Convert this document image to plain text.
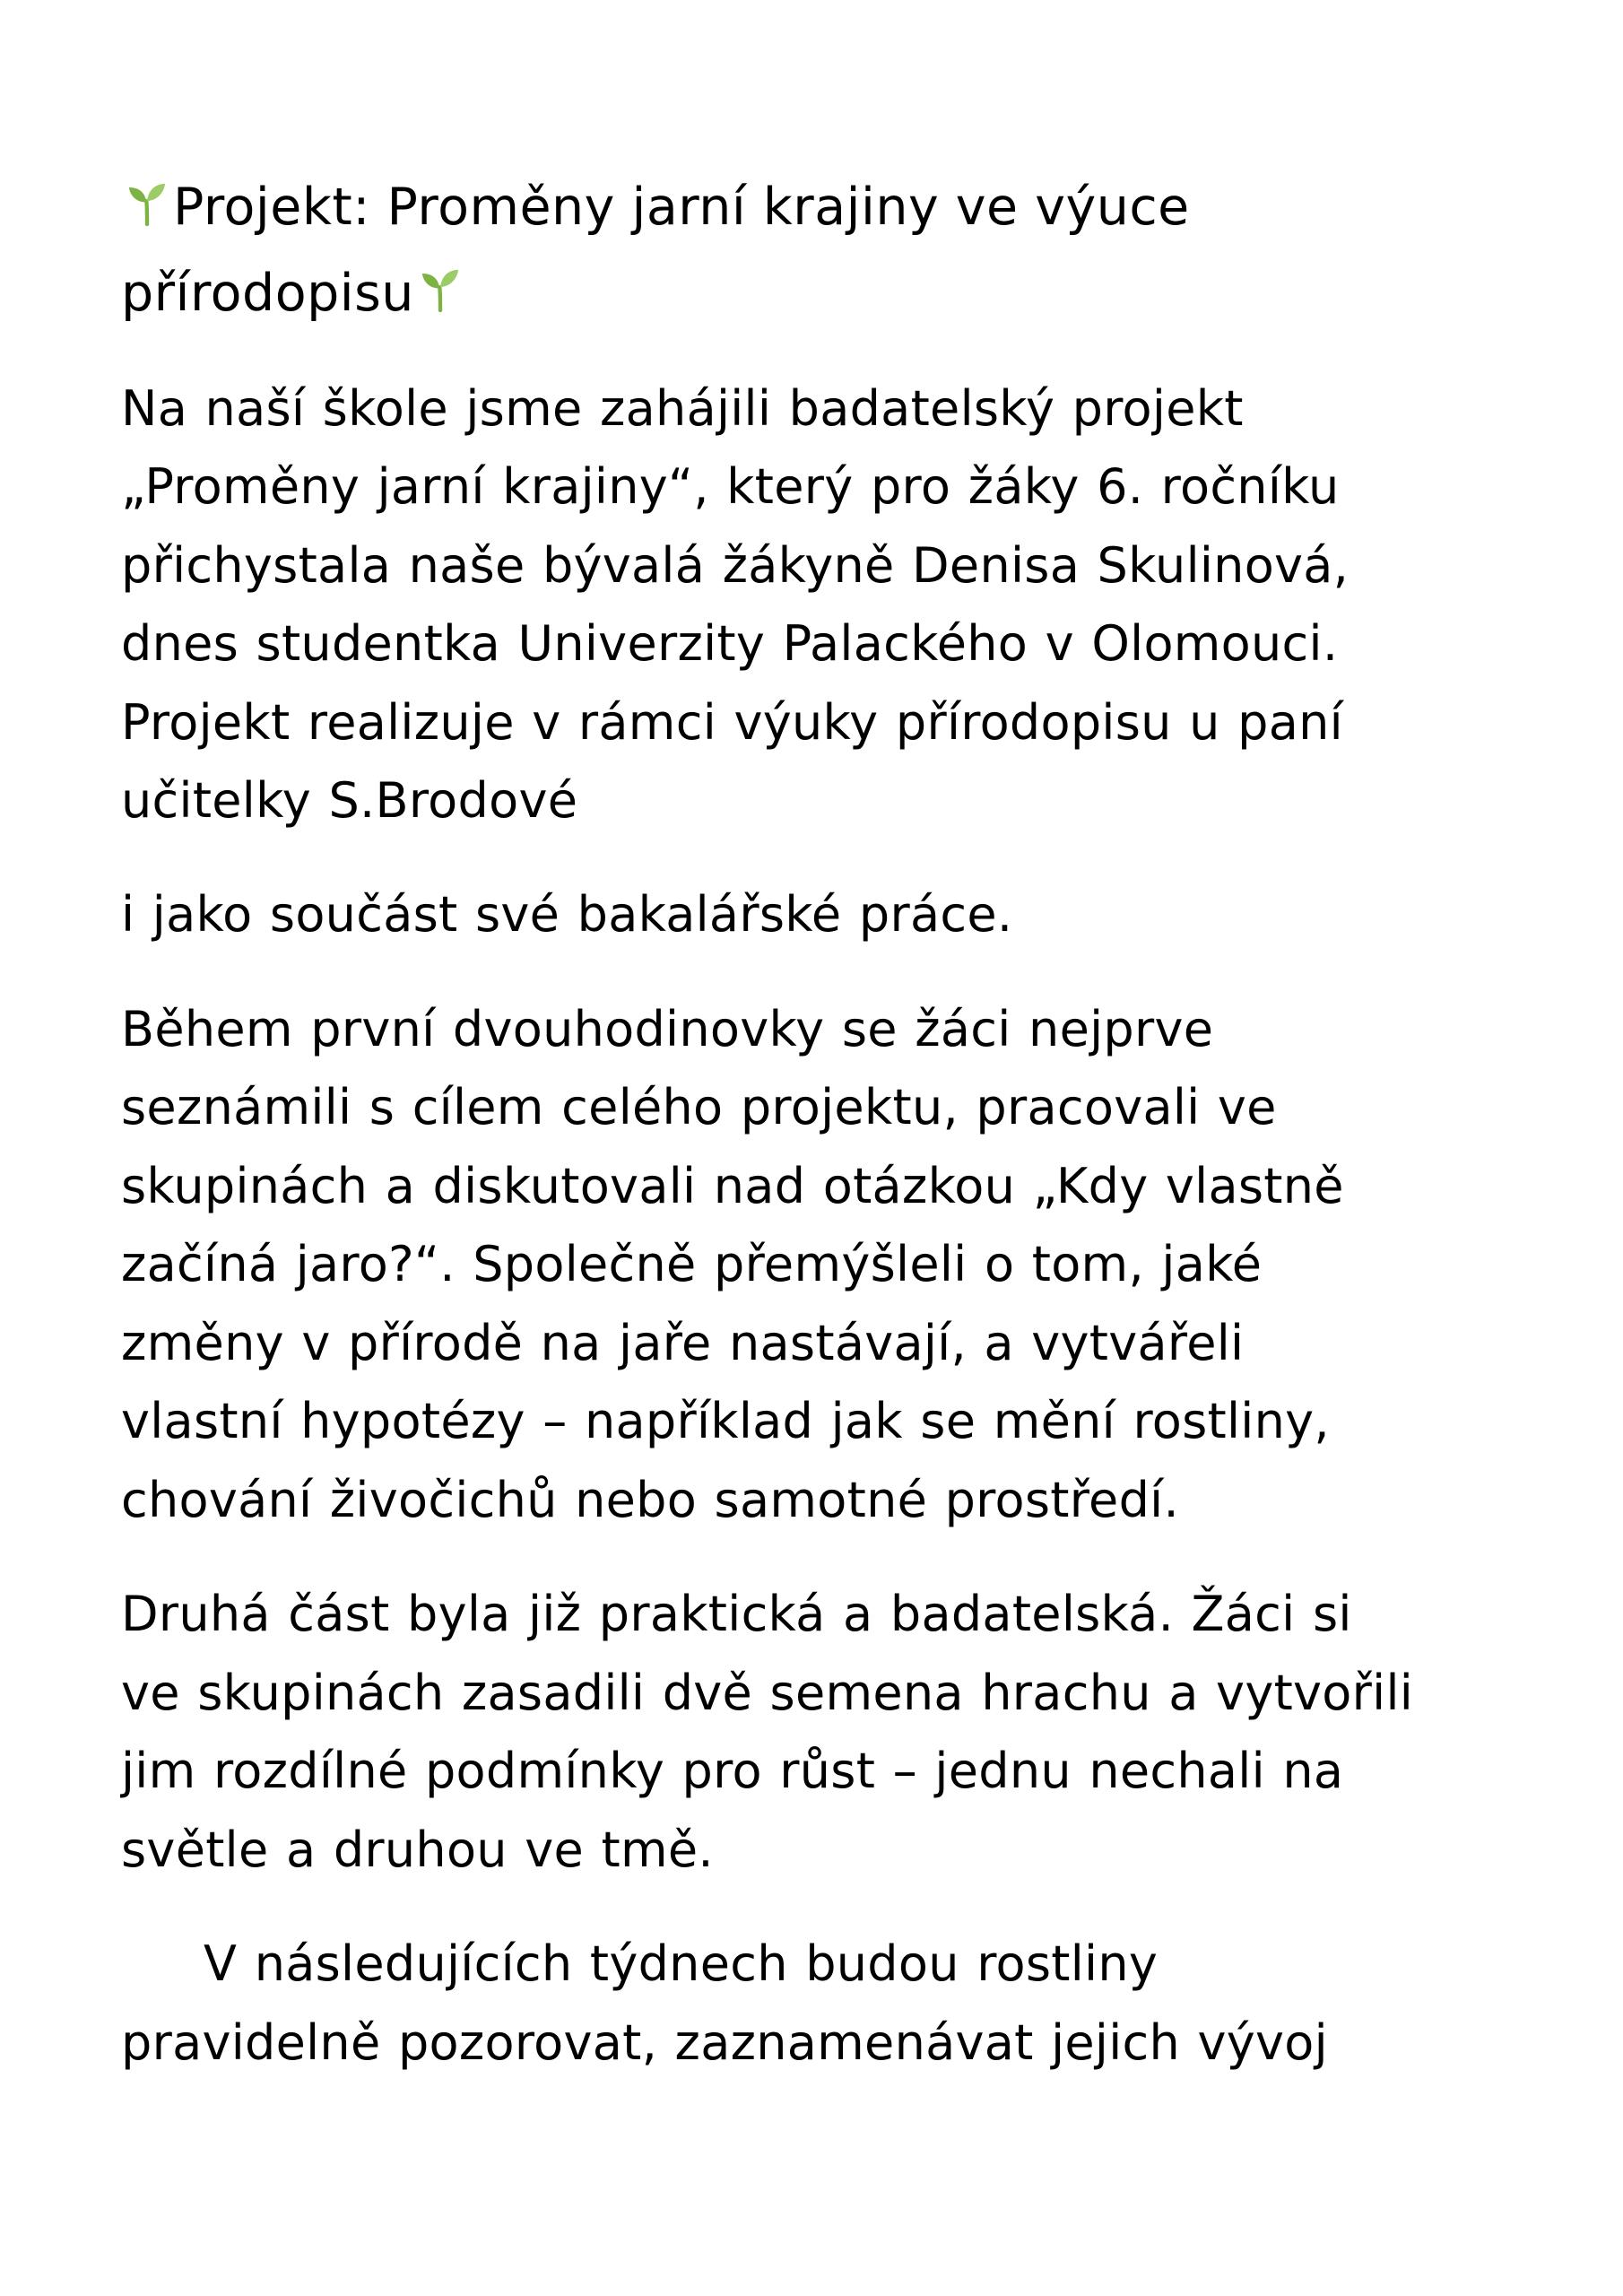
Projekt: Proměny jarní krajiny ve výuce přírodopisu

Na naší škole jsme zahájili badatelský projekt „Proměny jarní krajiny“, který pro žáky 6. ročníku přichystala naše bývalá žákyně Denisa Skulinová, dnes studentka Univerzity Palackého v Olomouci. Projekt realizuje v rámci výuky přírodopisu u paní učitelky S.Brodové

i jako součást své bakalářské práce.

Během první dvouhodinovky se žáci nejprve seznámili s cílem celého projektu, pracovali ve skupinách a diskutovali nad otázkou „Kdy vlastně začíná jaro?“. Společně přemýšleli o tom, jaké změny v přírodě na jaře nastávají, a vytvářeli vlastní hypotézy – například jak se mění rostliny, chování živočichů nebo samotné prostředí.

Druhá část byla již praktická a badatelská. Žáci si ve skupinách zasadili dvě semena hrachu a vytvořili jim rozdílné podmínky pro růst – jednu nechali na světle a druhou ve tmě.

V následujících týdnech budou rostliny pravidelně pozorovat, zaznamenávat jejich vývoj
